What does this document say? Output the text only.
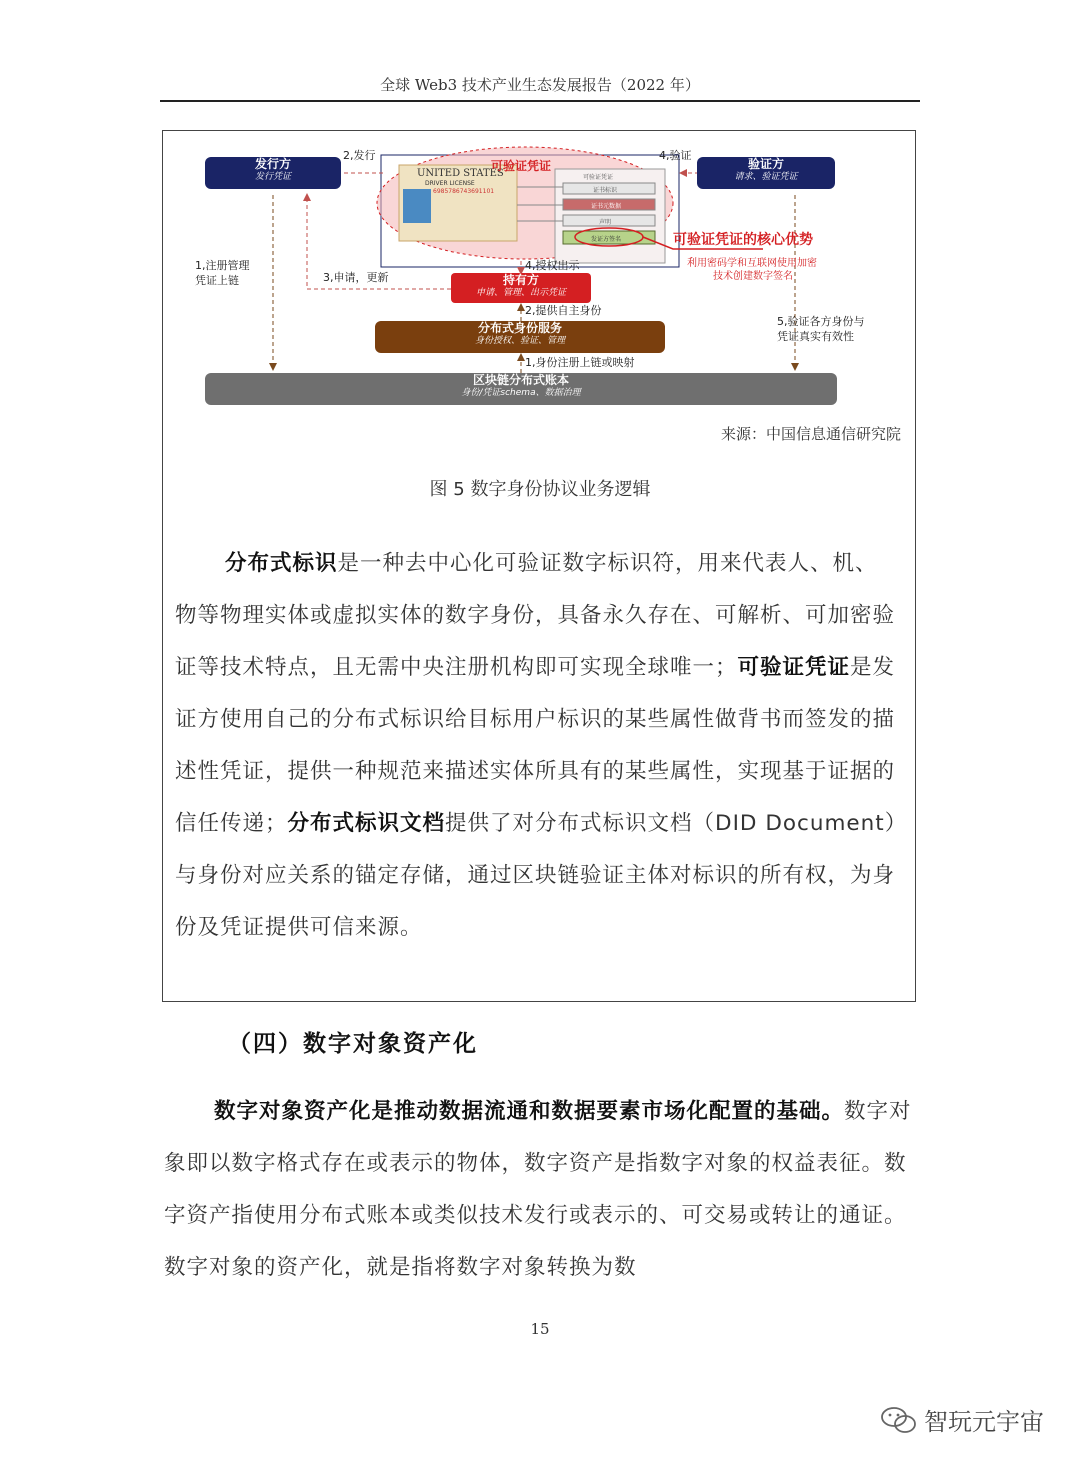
全球 Web3 技术产业生态发展报告（2022 年）
发行方
发行凭证
验证方
请求、验证凭证
持有方
申请、管理、出示凭证
分布式身份服务
身份授权、验证、管理
区块链分布式账本
身份/凭证schema、数据治理
UNITED STATES
DRIVER LICENSE
6985786743691101
可验证凭证
可验证凭证
证书标识
证书元数据
声明
发证方签名	可验证凭证的核心优势
利用密码学和互联网使用加密
技术创建数字签名
2,发行	4,验证
1,注册管理
凭证上链	3,申请，更新
4,授权出示
2,提供自主身份
1,身份注册上链或映射
5,验证各方身份与
凭证真实有效性
来源：中国信息通信研究院
图 5 数字身份协议业务逻辑
分布式标识是一种去中心化可验证数字标识符，用来代表人、机、物等物理实体或虚拟实体的数字身份，具备永久存在、可解析、可加密验证等技术特点，且无需中央注册机构即可实现全球唯一；可验证凭证是发证方使用自己的分布式标识给目标用户标识的某些属性做背书而签发的描述性凭证，提供一种规范来描述实体所具有的某些属性，实现基于证据的信任传递；分布式标识文档提供了对分布式标识文档（DID Document）与身份对应关系的锚定存储，通过区块链验证主体对标识的所有权，为身份及凭证提供可信来源。
（四）数字对象资产化
数字对象资产化是推动数据流通和数据要素市场化配置的基础。数字对象即以数字格式存在或表示的物体，数字资产是指数字对象的权益表征。数字资产指使用分布式账本或类似技术发行或表示的、可交易或转让的通证。数字对象的资产化，就是指将数字对象转换为数
15
智玩元宇宙
